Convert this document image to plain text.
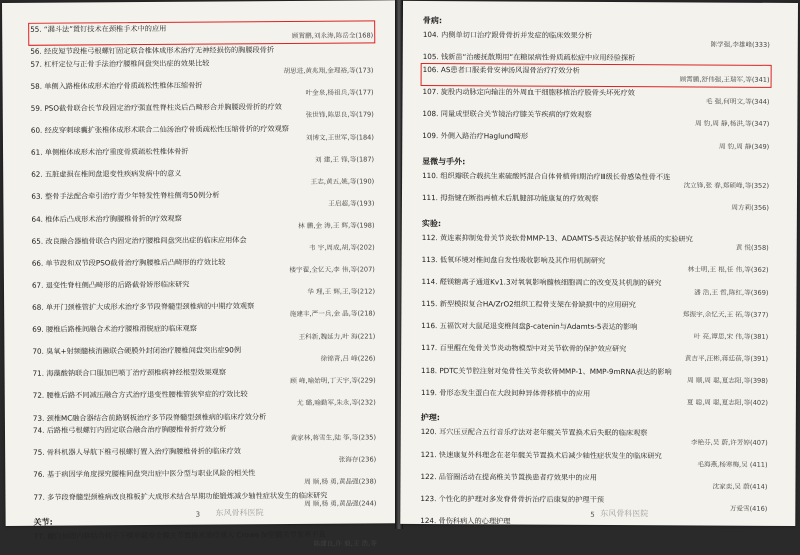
55. “漏斗法”置钉技术在颈椎手术中的应用
顾霄鹏,刘永涛,陈岳全(168)
56. 经皮短节段椎弓根螺钉固定联合椎体成形术治疗无神经损伤的胸腰段骨折
57. 杠杆定位与正骨手法治疗腰椎间盘突出症的效果比较
胡思进,黄兆翔,金理裕,等(173)
58. 单侧入路椎体成形术治疗骨质疏松性椎体压缩骨折
叶金泉,杨祖兵,等(177)
59. PSO截骨联合长节段固定治疗强直性脊柱炎后凸畸形合并胸腰段骨折的疗效
张世锋,陈思良,等(179)
60. 经皮穿刺球囊扩张椎体成形术联合二仙汤治疗骨质疏松性压缩骨折的疗效观察
刘博文,王世军,等(184)
61. 单侧椎体成形术治疗重度骨质疏松性椎体骨折
刘 建,王 锋,等(187)
62. 五脏虚损在椎间盘退变性疾病发病中的意义
王志,黄五,姚,等(190)
63. 整骨手法配合牵引治疗青少年特发性脊柱侧弯50例分析
王启超,等(193)
64. 椎体后凸成形术治疗胸腰椎骨折的疗效观察
林 鹏,金 涛,王 辉,等(198)
65. 改良融合器植骨联合内固定治疗腰椎间盘突出症的临床应用体会
韦 宇,周成,胡,等(202)
66. 单节段和双节段PSO截骨治疗胸腰椎后凸畸形的疗效比较
楼宇翟,全忆天,李 伟,等(207)
67. 退变性脊柱侧凸畸形的后路截骨矫形临床研究
华 理,王 辉,王,等(212)
68. 单开门颈椎管扩大成形术治疗多节段脊髓型颈椎病的中期疗效观察
施建丰,严一兵,金 晶,等(218)
69. 腰椎后路椎间融合术治疗腰椎滑脱症的临床观察
王科新,魏延力,叶 海(221)
70. 臭氧+射频髓核消融联合硬膜外封闭治疗腰椎间盘突出症90例
徐锦青,吕 峰(226)
71. 海藻酸钠联合口服加巴喷丁治疗颈椎病神经根型效果观察
顾 峰,喻始明,丁天宇,等(229)
72. 腰椎后路不同减压融合方式治疗退变性腰椎管狭窄症的疗效比较
尤 璐,喻勤军,朱永,等(232)
73. 颈椎MC融合器结合前路钢板治疗多节段脊髓型颈椎病的临床疗效分析
74. 后路椎弓根螺钉内固定联合融合治疗胸腰椎骨折疗效分析
黄家林,蒋雪生,陆 筝,等(235)
75. 骨科机器人导航下椎弓根螺钉置入治疗胸腰椎骨折的临床疗效
张海存(236)
76. 基于病因学角度探究腰椎间盘突出症中医分型与职业风险的相关性
周 顺,杨 勇,黄晶强(238)
77. 多节段脊髓型颈椎病改良椎板扩大成形术结合早期功能锻炼减少轴性症状发生的临床研究
周 顺,杨 勇,黄晶强(244)
关节:
77. 髋臼加固内移结合转子下楔形截骨全髋关节置换术治疗成人 Crowe Ⅳ型髋关节发育不良
陈建良,许 毅,王 浩,等
3 东风骨科医院
骨病:
104. 内侧单切口治疗跟骨骨折并发症的临床效果分析
陈学强,李雄峰(333)
105. 钱新苗“治痿抚散期用”在糖尿病性骨质疏松症中应用经验探析
106. AS患者口服柔骨安神汤风湿骨治疗疗效分析
顾霄鹏,舒伟强,王瑞军,等(341)
107. 旋股内动脉定向输注的外周血干细胞移植治疗股骨头坏死疗效
毛 强,何明文,等(344)
108. 同量成型联合关节镜治疗膝关节疾病的疗效观察
周 豹,周 静,杨洪,等(347)
109. 外侧入路治疗Haglund畸形
周 豹,周 静(349)
显微与手外:
110. 组织瓣联合载抗生素硫酸钙混合自体骨植骨Ⅰ期治疗Ⅲ级长骨感染性骨不连
沈立锋,张 春,郑硕峰,等(352)
111. 拇指键在断指再植术后肌腱部功能康复的疗效观察
周方莉(356)
实验:
112. 黄连素抑制兔骨关节炎软骨MMP-13、ADAMTS-5表达保护软骨基质的实验研究
黄 悦(358)
113. 低氧环境对椎间盘自发性吸收影响及其作用机制研究
林士明,王 根,任 伟,等(362)
114. 醛镁糖离子通道Kv1.3对氧氧影响髓核细胞凋亡的改变及其机制的研究
潘 浩,王 哲,陈红,等(369)
115. 新型模拟复合HA/ZrO2组织工程骨支架在骨缺损中的应用研究
郑振宇,余忆天,王 拓,等(377)
116. 五福饮对大鼠尾退变椎间盘β-catenin与Adamts-5表达的影响
叶 亮,谭思,宋 伟,等(381)
117. 百里醌在兔骨关节炎动物模型中对关节软骨的保护效应研究
黄吉平,汪彬,蒋廷蓓,等(391)
118. PDTC关节腔注射对兔骨性关节炎软骨MMP-1、MMP-9mRNA表达的影响
周 顺,周 聪,夏志阳,等(398)
119. 骨形态发生蛋白在大段间种异体骨移植中的应用
夏 聪,周 聪,夏志阳,等(402)
护理:
120. 耳穴压豆配合五行音乐疗法对老年髋关节置换术后失眠的临床观察
李艳芬,吴 蔚,许芳婷(407)
121. 快速康复外科理念在老年髋关节置换术后减少轴性症状发生的临床研究
毛海燕,杨寒梅,吴 (411)
122. 品管圈活动在提高椎关节置换患者疗效果中的应用
沈家奕,吴 蔚(414)
123. 个性化的护理对多发脊骨骨折治疗后康复的护理干预
万爱雪(416)
124. 骨伤科病人的心理护理
5 东风骨科医院
